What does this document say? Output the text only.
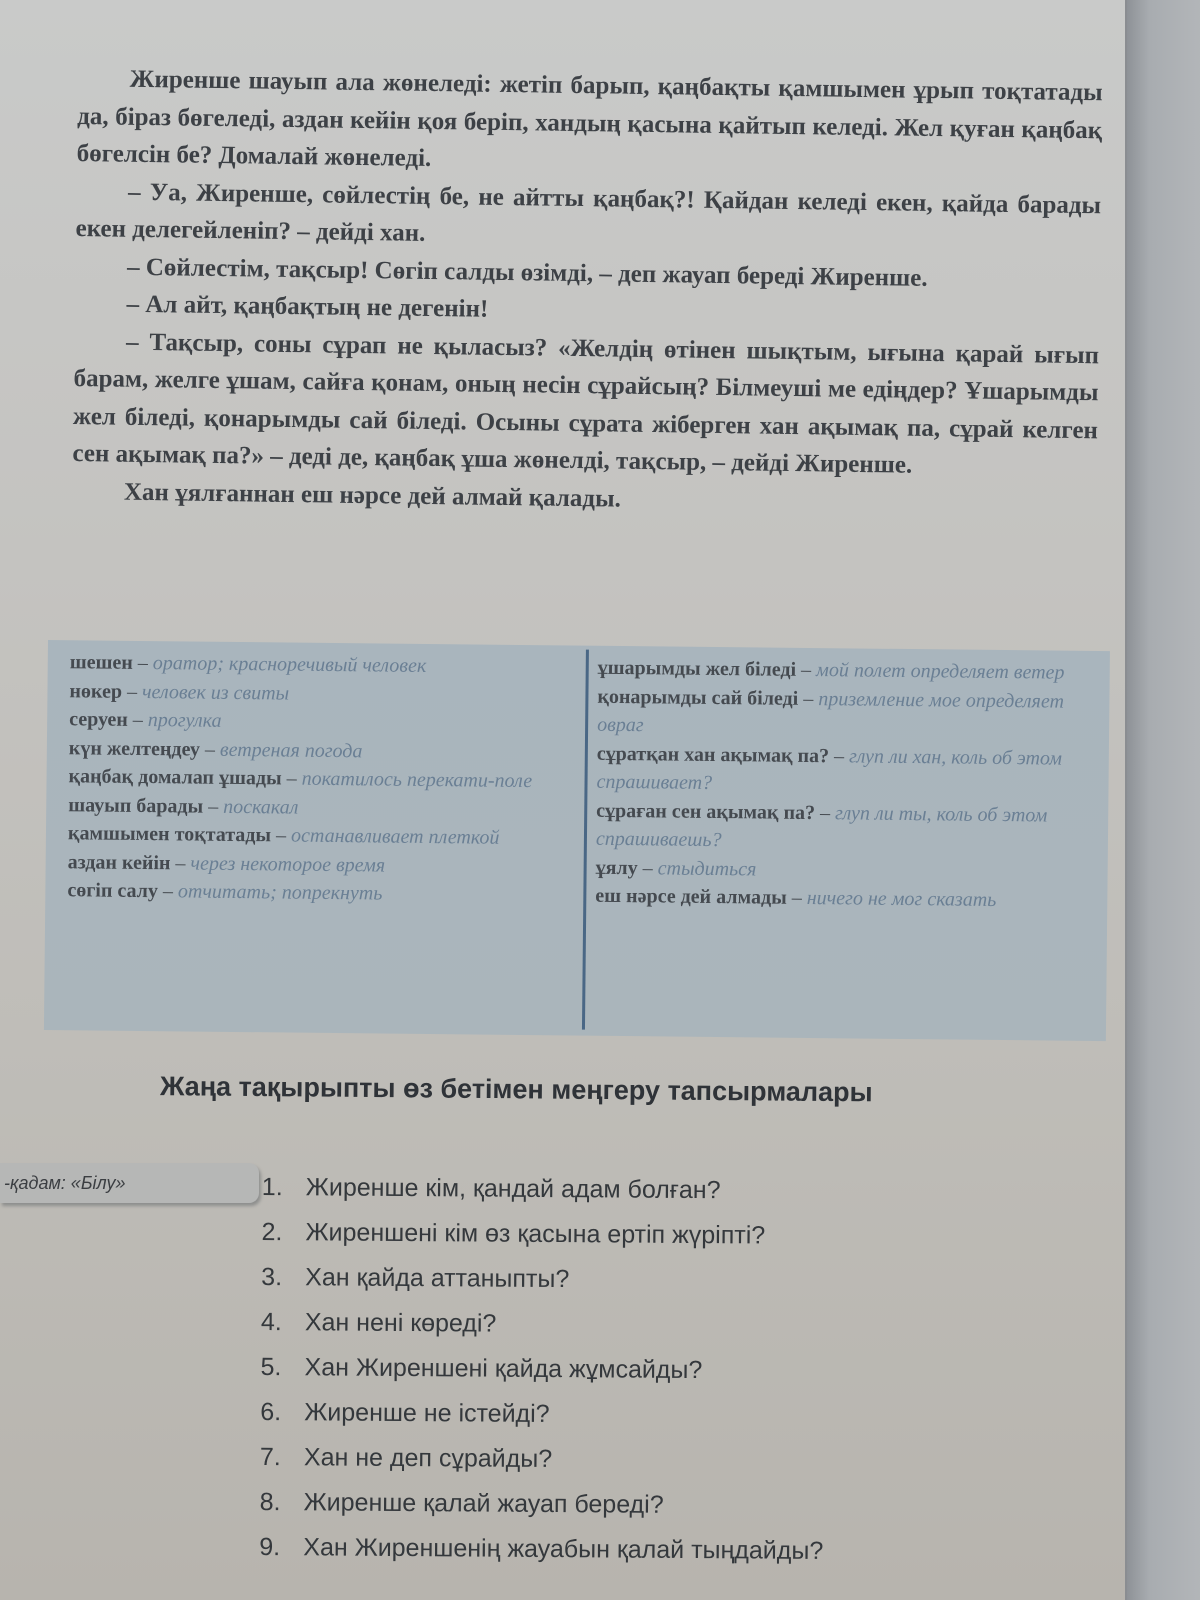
Жиренше шауып ала жөнеледі: жетіп барып, қаңбақты қамшымен ұрып тоқтатады да, біраз бөгеледі, аздан кейін қоя беріп, хандың қасына қайтып келеді. Жел қуған қаңбақ бөгелсін бе? Домалай жөнеледі.

– Уа, Жиренше, сөйлестің бе, не айтты қаңбақ?! Қайдан келеді екен, қайда барады екен делегейленіп? – дейді хан.

– Сөйлестім, тақсыр! Сөгіп салды өзімді, – деп жауап береді Жиренше.

– Ал айт, қаңбақтың не дегенін!

– Тақсыр, соны сұрап не қыласыз? «Желдің өтінен шықтым, ығына қарай ығып барам, желге ұшам, сайға қонам, оның несін сұрайсың? Білмеуші ме едіңдер? Ұшарымды жел біледі, қонарымды сай біледі. Осыны сұрата жіберген хан ақымақ па, сұрай келген сен ақымақ па?» – деді де, қаңбақ ұша жөнелді, тақсыр, – дейді Жиренше.

Хан ұялғаннан еш нәрсе дей алмай қалады.

шешен – оратор; красноречивый человек

нөкер – человек из свиты

серуен – прогулка

күн желтеңдеу – ветреная погода

қаңбақ домалап ұшады – покатилось перекати-поле

шауып барады – поскакал

қамшымен тоқтатады – останавливает плеткой

аздан кейін – через некоторое время

сөгіп салу – отчитать; попрекнуть

ұшарымды жел біледі – мой полет определяет ветер

қонарымды сай біледі – приземление мое определяет овраг

сұратқан хан ақымақ па? – глуп ли хан, коль об этом спрашивает?

сұраған сен ақымақ па? – глуп ли ты, коль об этом спрашиваешь?

ұялу – стыдиться

еш нәрсе дей алмады – ничего не мог сказать

Жаңа тақырыпты өз бетімен меңгеру тапсырмалары
-қадам: «Білу»	1. Жиренше кім, қандай адам болған?
2. Жиреншені кім өз қасына ертіп жүріпті?
3. Хан қайда аттаныпты?
4. Хан нені көреді?
5. Хан Жиреншені қайда жұмсайды?
6. Жиренше не істейді?
7. Хан не деп сұрайды?
8. Жиренше қалай жауап береді?
9. Хан Жиреншенің жауабын қалай тыңдайды?
